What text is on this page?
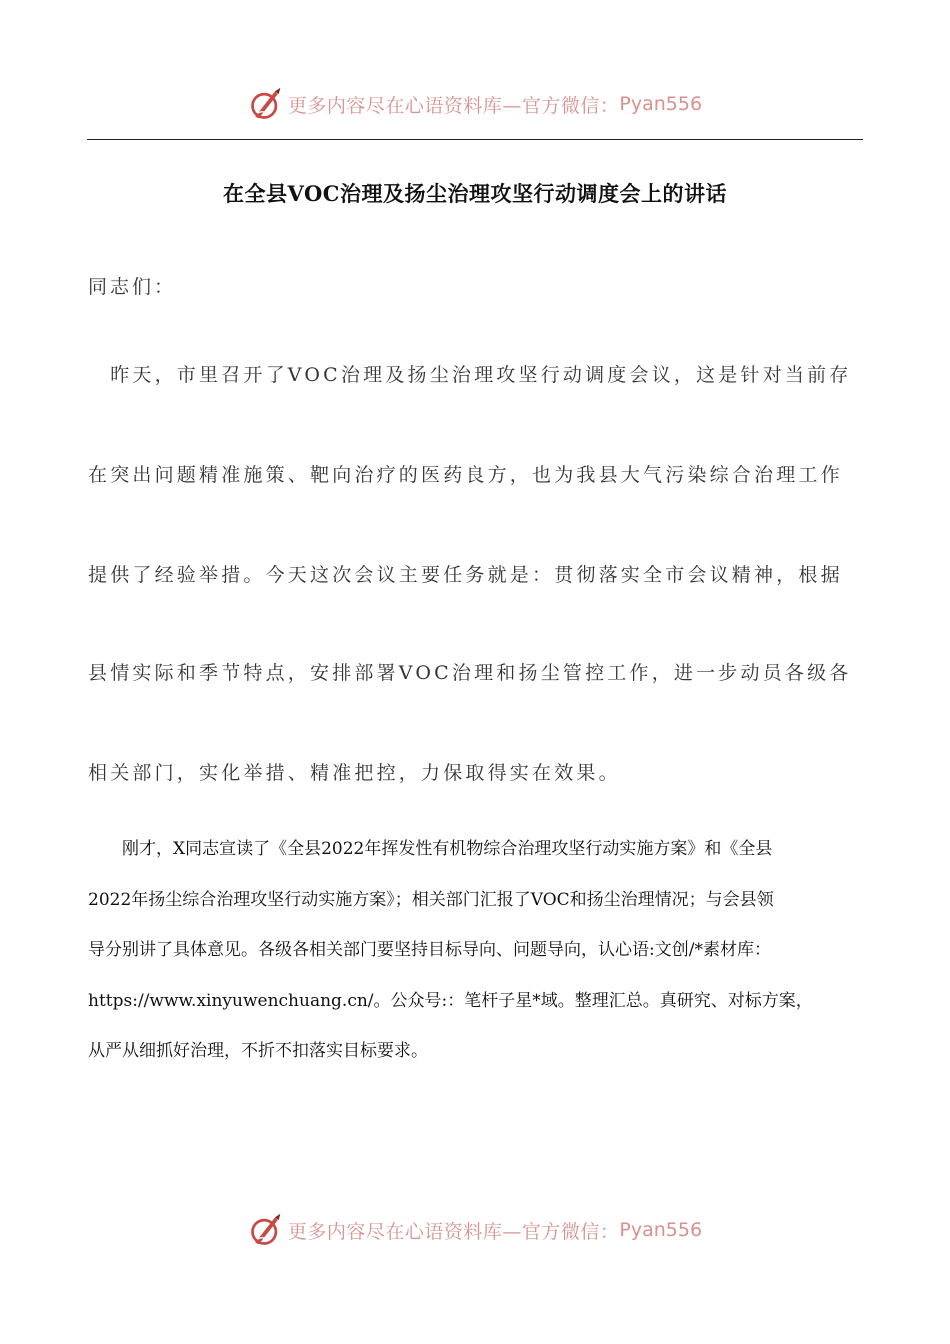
更多内容尽在心语资料库—官方微信： Pyan556
在全县VOC治理及扬尘治理攻坚行动调度会上的讲话
同志们：
　昨天，市里召开了VOC治理及扬尘治理攻坚行动调度会议，这是针对当前存
在突出问题精准施策、靶向治疗的医药良方，也为我县大气污染综合治理工作
提供了经验举措。今天这次会议主要任务就是：贯彻落实全市会议精神，根据
县情实际和季节特点，安排部署VOC治理和扬尘管控工作，进一步动员各级各
相关部门，实化举措、精准把控，力保取得实在效果。
　　刚才，X同志宣读了《全县2022年挥发性有机物综合治理攻坚行动实施方案》和《全县
2022年扬尘综合治理攻坚行动实施方案》；相关部门汇报了VOC和扬尘治理情况；与会县领
导分别讲了具体意见。各级各相关部门要坚持目标导向、问题导向，认心语:文创/*素材库：
https://www.xinyuwenchuang.cn/。公众号:：笔杆子星*域。整理汇总。真研究、对标方案，
从严从细抓好治理，不折不扣落实目标要求。
更多内容尽在心语资料库—官方微信： Pyan556
